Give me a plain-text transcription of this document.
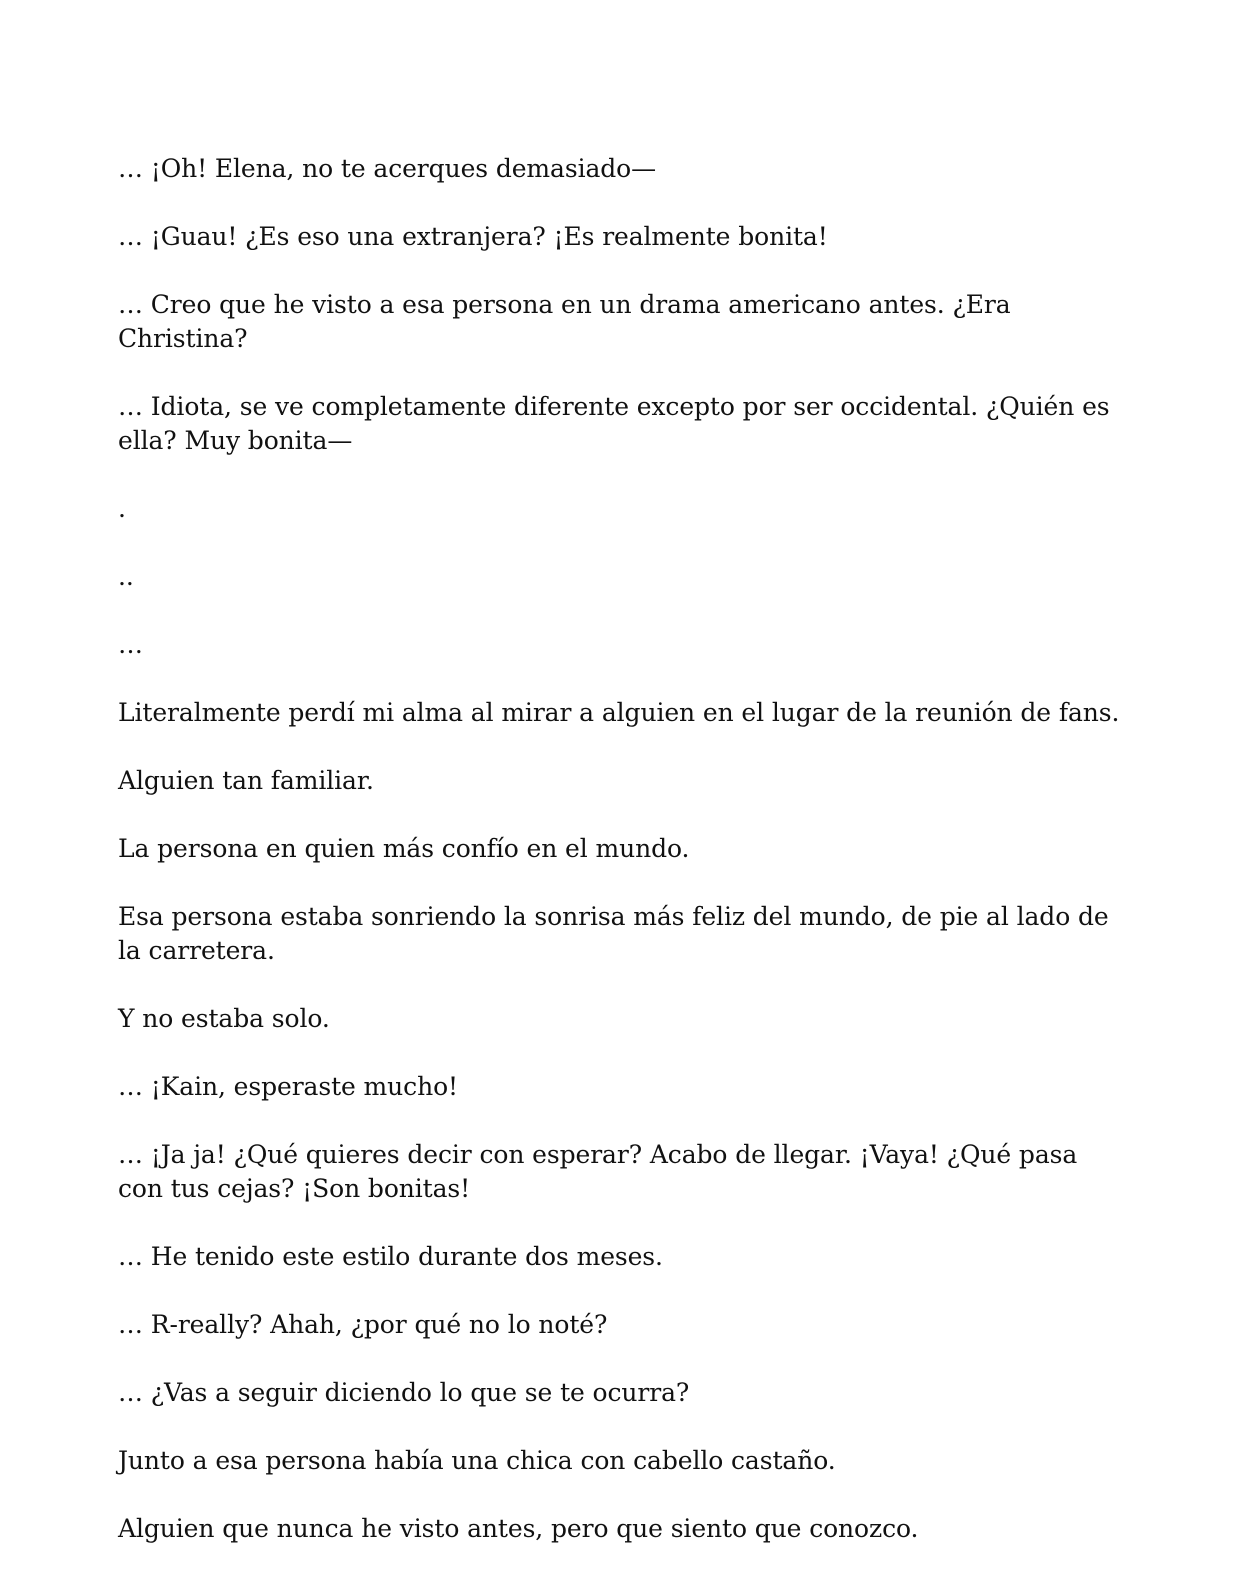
… ¡Oh! Elena, no te acerques demasiado—

… ¡Guau! ¿Es eso una extranjera? ¡Es realmente bonita!

… Creo que he visto a esa persona en un drama americano antes. ¿Era Christina?

… Idiota, se ve completamente diferente excepto por ser occidental. ¿Quién es ella? Muy bonita—

.

..

…

Literalmente perdí mi alma al mirar a alguien en el lugar de la reunión de fans.

Alguien tan familiar.

La persona en quien más confío en el mundo.

Esa persona estaba sonriendo la sonrisa más feliz del mundo, de pie al lado de la carretera.

Y no estaba solo.

… ¡Kain, esperaste mucho!

… ¡Ja ja! ¿Qué quieres decir con esperar? Acabo de llegar. ¡Vaya! ¿Qué pasa con tus cejas? ¡Son bonitas!

… He tenido este estilo durante dos meses.

… R-really? Ahah, ¿por qué no lo noté?

… ¿Vas a seguir diciendo lo que se te ocurra?

Junto a esa persona había una chica con cabello castaño.

Alguien que nunca he visto antes, pero que siento que conozco.
